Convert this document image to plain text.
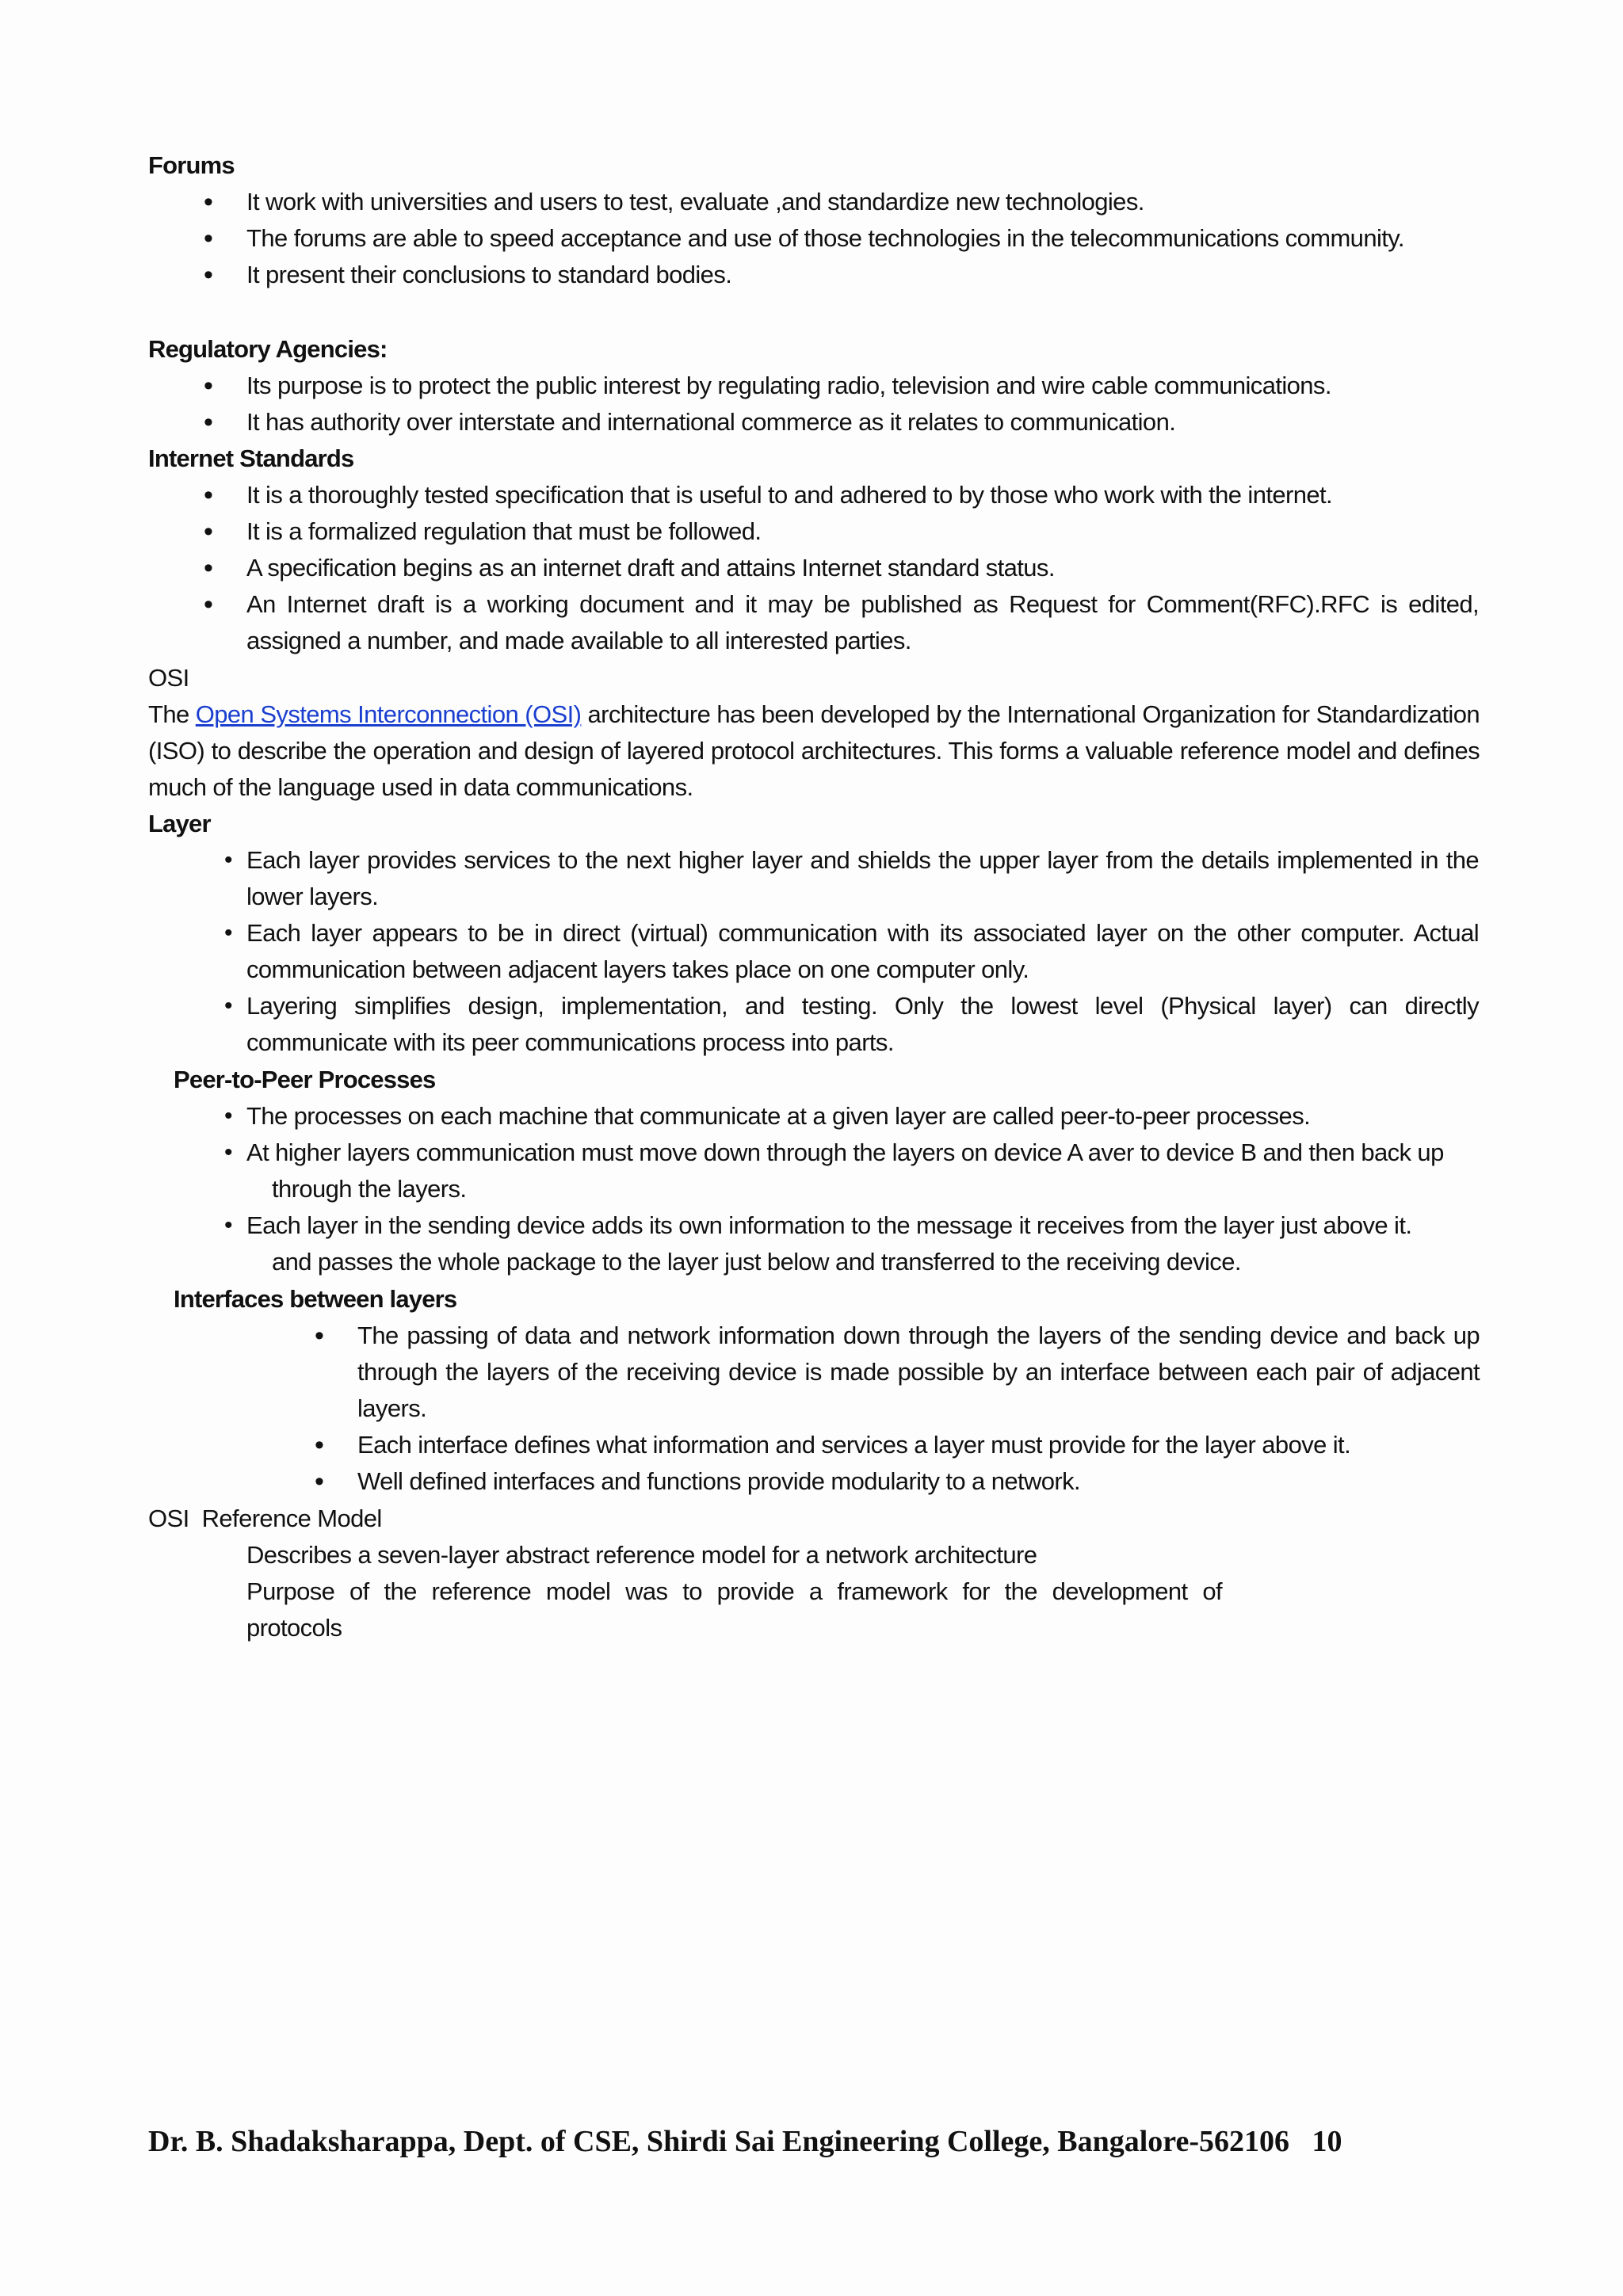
Forums
• It work with universities and users to test, evaluate ,and standardize new technologies.
• The forums are able to speed acceptance and use of those technologies in the telecommunications community.
• It present their conclusions to standard bodies.
Regulatory Agencies:
• Its purpose is to protect the public interest by regulating radio, television and wire cable communications.
• It has authority over interstate and international commerce as it relates to communication.
Internet Standards
• It is a thoroughly tested specification that is useful to and adhered to by those who work with the internet.
• It is a formalized regulation that must be followed.
• A specification begins as an internet draft and attains Internet standard status.
• An Internet draft is a working document and it may be published as Request for Comment(RFC).RFC is edited, assigned a number, and made available to all interested parties.
OSI
The Open Systems Interconnection (OSI) architecture has been developed by the International Organization for Standardization (ISO) to describe the operation and design of layered protocol architectures. This forms a valuable reference model and defines much of the language used in data communications.
Layer
• Each layer provides services to the next higher layer and shields the upper layer from the details implemented in the lower layers.
• Each layer appears to be in direct (virtual) communication with its associated layer on the other computer. Actual communication between adjacent layers takes place on one computer only.
• Layering simplifies design, implementation, and testing. Only the lowest level (Physical layer) can directly communicate with its peer communications process into parts.
Peer-to-Peer Processes
• The processes on each machine that communicate at a given layer are called peer-to-peer processes.
• At higher layers communication must move down through the layers on device A aver to device B and then back up
through the layers.
• Each layer in the sending device adds its own information to the message it receives from the layer just above it.
and passes the whole package to the layer just below and transferred to the receiving device.
Interfaces between layers
• The passing of data and network information down through the layers of the sending device and back up through the layers of the receiving device is made possible by an interface between each pair of adjacent layers.
• Each interface defines what information and services a layer must provide for the layer above it.
• Well defined interfaces and functions provide modularity to a network.
OSI  Reference Model
Describes a seven-layer abstract reference model for a network architecture
Purpose of the reference model was to provide a framework for the development of
protocols
Dr. B. Shadaksharappa, Dept. of CSE, Shirdi Sai Engineering College, Bangalore-562106 10
